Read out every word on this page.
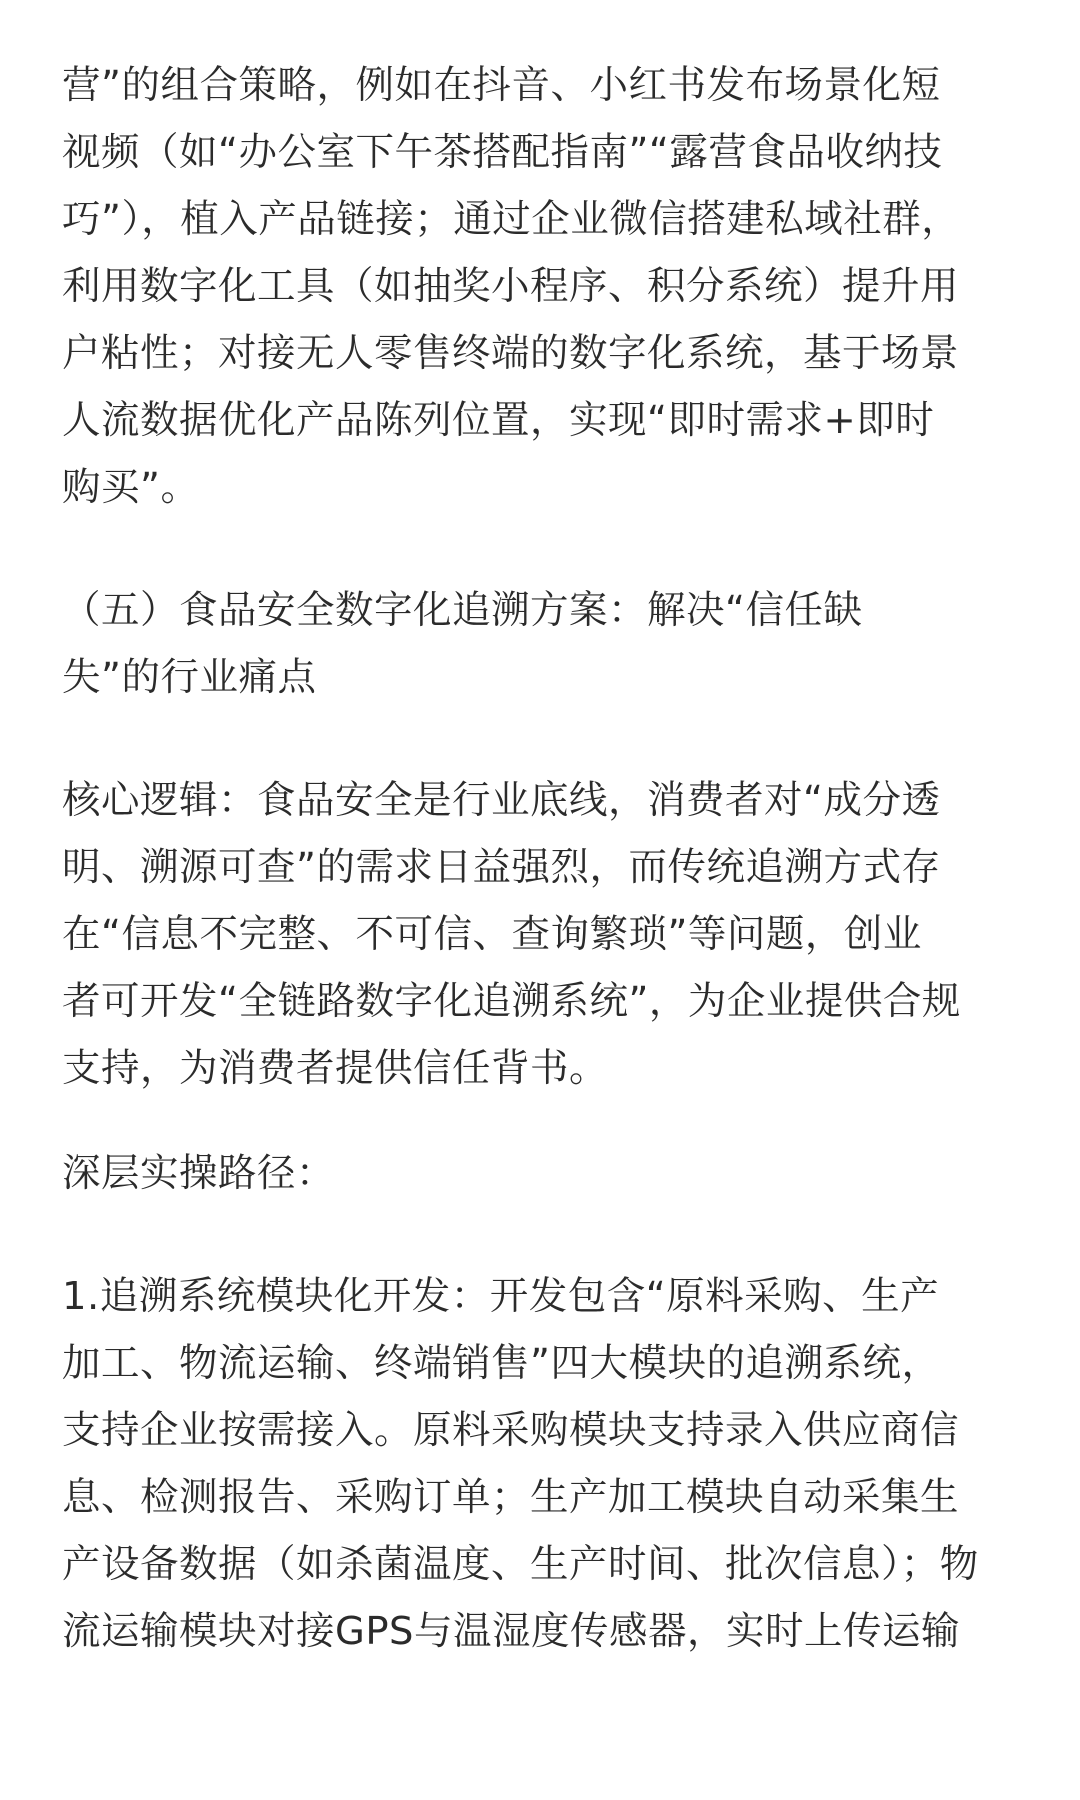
营”的组合策略，例如在抖音、小红书发布场景化短
视频（如“办公室下午茶搭配指南”“露营食品收纳技
巧”），植入产品链接；通过企业微信搭建私域社群，
利用数字化工具（如抽奖小程序、积分系统）提升用
户粘性；对接无人零售终端的数字化系统，基于场景
人流数据优化产品陈列位置，实现“即时需求+即时
购买”。
（五）食品安全数字化追溯方案：解决“信任缺
失”的行业痛点
核心逻辑：食品安全是行业底线，消费者对“成分透
明、溯源可查”的需求日益强烈，而传统追溯方式存
在“信息不完整、不可信、查询繁琐”等问题，创业
者可开发“全链路数字化追溯系统”，为企业提供合规
支持，为消费者提供信任背书。
深层实操路径：
1.追溯系统模块化开发：开发包含“原料采购、生产
加工、物流运输、终端销售”四大模块的追溯系统，
支持企业按需接入。原料采购模块支持录入供应商信
息、检测报告、采购订单；生产加工模块自动采集生
产设备数据（如杀菌温度、生产时间、批次信息）；物
流运输模块对接GPS与温湿度传感器，实时上传运输
